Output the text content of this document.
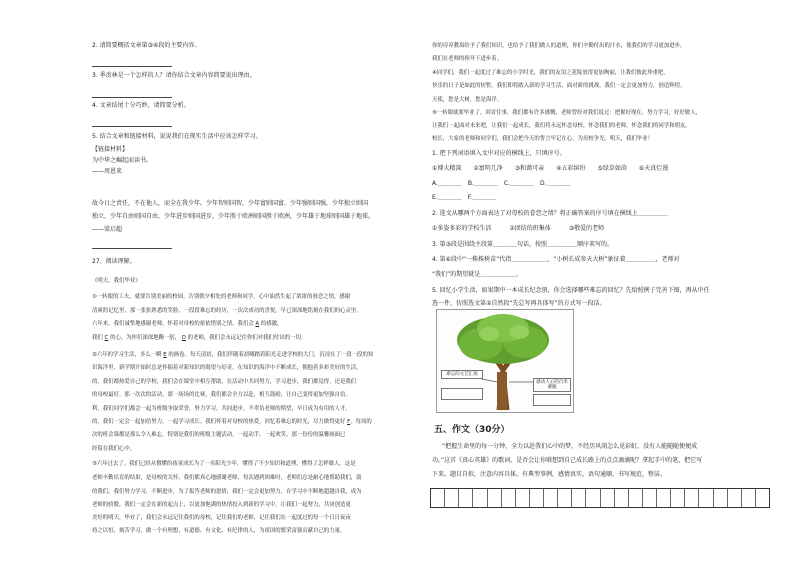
2. 请简要概括文章第③④段的主要内容。
3. 季羡林是一个怎样的人？请你结合文章内容简要说出理由。
4. 文章结尾十分巧妙，请简要分析。
5. 结合文章和链接材料，说说我们在现实生活中应该怎样学习。
【链接材料】
为中华之崛起而读书。
——周恩来
故今日之责任，不在他人，而全在我少年。少年智则国智，少年富则国富，少年强则国强，少年独立则国
独立，少年自由则国自由，少年进步则国进步，少年胜于欧洲则国胜于欧洲，少年雄于地球则国雄于地球。
——梁启超
27、阅读理解。
《明天，我们毕业》
①一转眼的工夫，就要告别美丽的校园，告别朝夕相处的老师和同学，心中油然生起了浓浓的眷恋之情，感谢
清爽的记忆里，那一张张熟悉的笑脸，一段段难忘的经历，一次次成功的喜悦，早已深深地铭刻在我们的心灵里。
六年来，我们诚挚地感谢老师，怀着对母校的依依惜别之情，我们会 A 的感激，
我们 C 的心，为你们深深地鞠一躬， D 的老师，我们会永远记住你们对我们付出的一切。
②六年的学习生活，多么一瞬 E 的画卷。每天清晨，我们伴随着晨曦踏着阳光走进学校的大门，沉浸在了一段一段的知
识海洋里，新学期开始时总是怀揣着对新知识的渴望与好奇，在知识的海洋中不断成长，拥抱着多彩美好的生活。
的，我们都热爱自己的学校，我们会在课堂中相互帮助，在活动中共同努力，学习进步，我们都觉得，还是我们
的母校最好。那一次次的活动，那一场场的比赛，我们都会全力以赴，相互鼓励，让自己变得更加坚强自信。
利，我们同学们都会一起为班级争取荣誉，努力学习，共同进步，不辜负老师的期望，早日成为有用的人才。
的，我们一定会一起加倍努力，一起学习成长。我们怀着对母校的热爱，回忆着难忘的时光，尽力做得更好 F。每周的
次的班会课都是那么令人难忘，特别是我们的班级主题活动，一起动手，一起欢笑，那一份份的温馨画面已
经留在我们心中。
③六年过去了。我们已经从懵懂的孩童成长为了一名阳光少年，懂得了不少知识和道理，懂得了怎样做人。这是
老师辛勤培育的结果，是母校的关怀，我们都真心地感谢老师，每次遇到困难时，老师们总是耐心地帮助我们，鼓
的我们，我们努力学习，不断进步，为了报答老师的恩情，我们一定会更加努力，在学习中不断地超越自我，成为
老师的骄傲。我们一定会在新的起点上，以更加饱满的热情投入到新的学习中，让我们一起努力，共同创造更
美好的明天，毕业了，我们会永远记住我们的母校，记住我们的老师，记住我们在一起度过的每一个日日夜夜
持之以恒，刻苦学习，做一个有理想、有道德、有文化、有纪律的人，为祖国的繁荣富强贡献自己的力量。
你的谆谆教诲给予了我们知识，也给予了我们做人的道理，你们辛勤付出的汗水，使我们的学习更加进步，
我们在老师的指导下进步着。
④同学们，我们一起度过了难忘的小学时光，我们的友谊之花绽放得更加绚丽，让我们彼此珍重吧，
快乐的日子是如此的短暂，我们即将踏入新的学习生活，面对新的挑战，我们一定会更加努力，创造辉煌。
天使，您是大树，您是海洋。
⑤一转眼就要毕业了，回首往事，我们都有许多感慨，老师曾经对我们说过：把握好现在，努力学习，好好做人，
让我们一起面对未来吧，让我们一起成长，我们将永远怀念母校，怀念我们的老师，怀念我们的同学和朋友。
校长，大家的老师和同学们，我们会把今天的誓言牢记在心，为母校争光。明天，我们毕业！
1. 把下列词语填入文中对应的横线上，只填序号。
①博大精深　　②富明几净　　③和蔼可亲　　④五彩缤纷　　⑤绿草如茵　　⑥天真烂漫
A.＿＿＿＿　B.＿＿＿＿　C.＿＿＿＿　D.＿＿＿＿
E.＿＿＿＿　F.＿＿＿＿
2. 选文从哪两个方面表达了对母校的眷恋之情？将正确答案的序号填在横线上＿＿＿＿＿
①多姿多彩的学校生活　　　②团结的班集体　　　③敬爱的老师
3. 第③段是围绕主段第＿＿＿＿句话，按照＿＿＿＿＿顺序来写的。
4. 第⑥段中“一株株树苗”代指＿＿＿＿＿＿，“小树长成参天大树”象征着＿＿＿＿＿，老师对
“我们”的期望就是＿＿＿＿＿＿。
5. 回忆小学生活，如果期中一本成长纪念册，你会选择哪些难忘的回忆？先给照例子完善下图，再从中任
选一件，仿照选文第②自然段“先总写再具体写”的方式写一段话。
难忘的文艺汇演
感动人心的百米赛跑
五、作文（30分）
“把握生命里的每一分钟，全力以赴我们心中的梦，不经历风雨怎么见彩虹，没有人能随随便便成
功。”这首《真心英雄》的歌词，是否会让你联想到自己成长路上的点点滴滴呢？拿起手中的笔，把它写
下来。题目自拟，注意内容具体，有典型事例，感情真实，语句通顺，书写规范，整洁。
